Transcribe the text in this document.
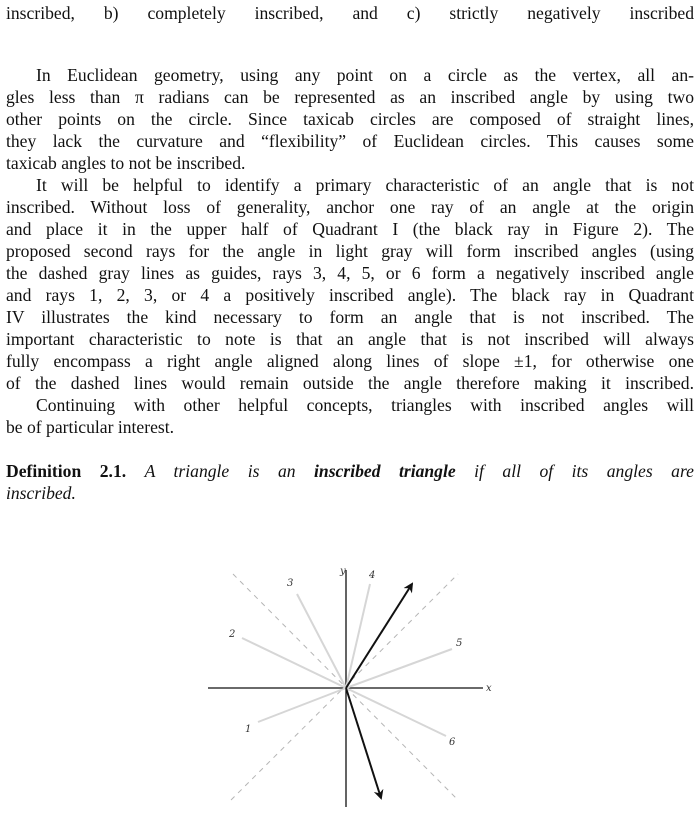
inscribed, b) completely inscribed, and c) strictly negatively inscribed
In Euclidean geometry, using any point on a circle as the vertex, all an-
gles less than π radians can be represented as an inscribed angle by using two
other points on the circle. Since taxicab circles are composed of straight lines,
they lack the curvature and “flexibility” of Euclidean circles. This causes some
taxicab angles to not be inscribed.
It will be helpful to identify a primary characteristic of an angle that is not
inscribed. Without loss of generality, anchor one ray of an angle at the origin
and place it in the upper half of Quadrant I (the black ray in Figure 2). The
proposed second rays for the angle in light gray will form inscribed angles (using
the dashed gray lines as guides, rays 3, 4, 5, or 6 form a negatively inscribed angle
and rays 1, 2, 3, or 4 a positively inscribed angle). The black ray in Quadrant
IV illustrates the kind necessary to form an angle that is not inscribed. The
important characteristic to note is that an angle that is not inscribed will always
fully encompass a right angle aligned along lines of slope ±1, for otherwise one
of the dashed lines would remain outside the angle therefore making it inscribed.
Continuing with other helpful concepts, triangles with inscribed angles will
be of particular interest.
Definition 2.1. A triangle is an inscribed triangle if all of its angles are
inscribed.
y
x
1
2
3
4
5
6
